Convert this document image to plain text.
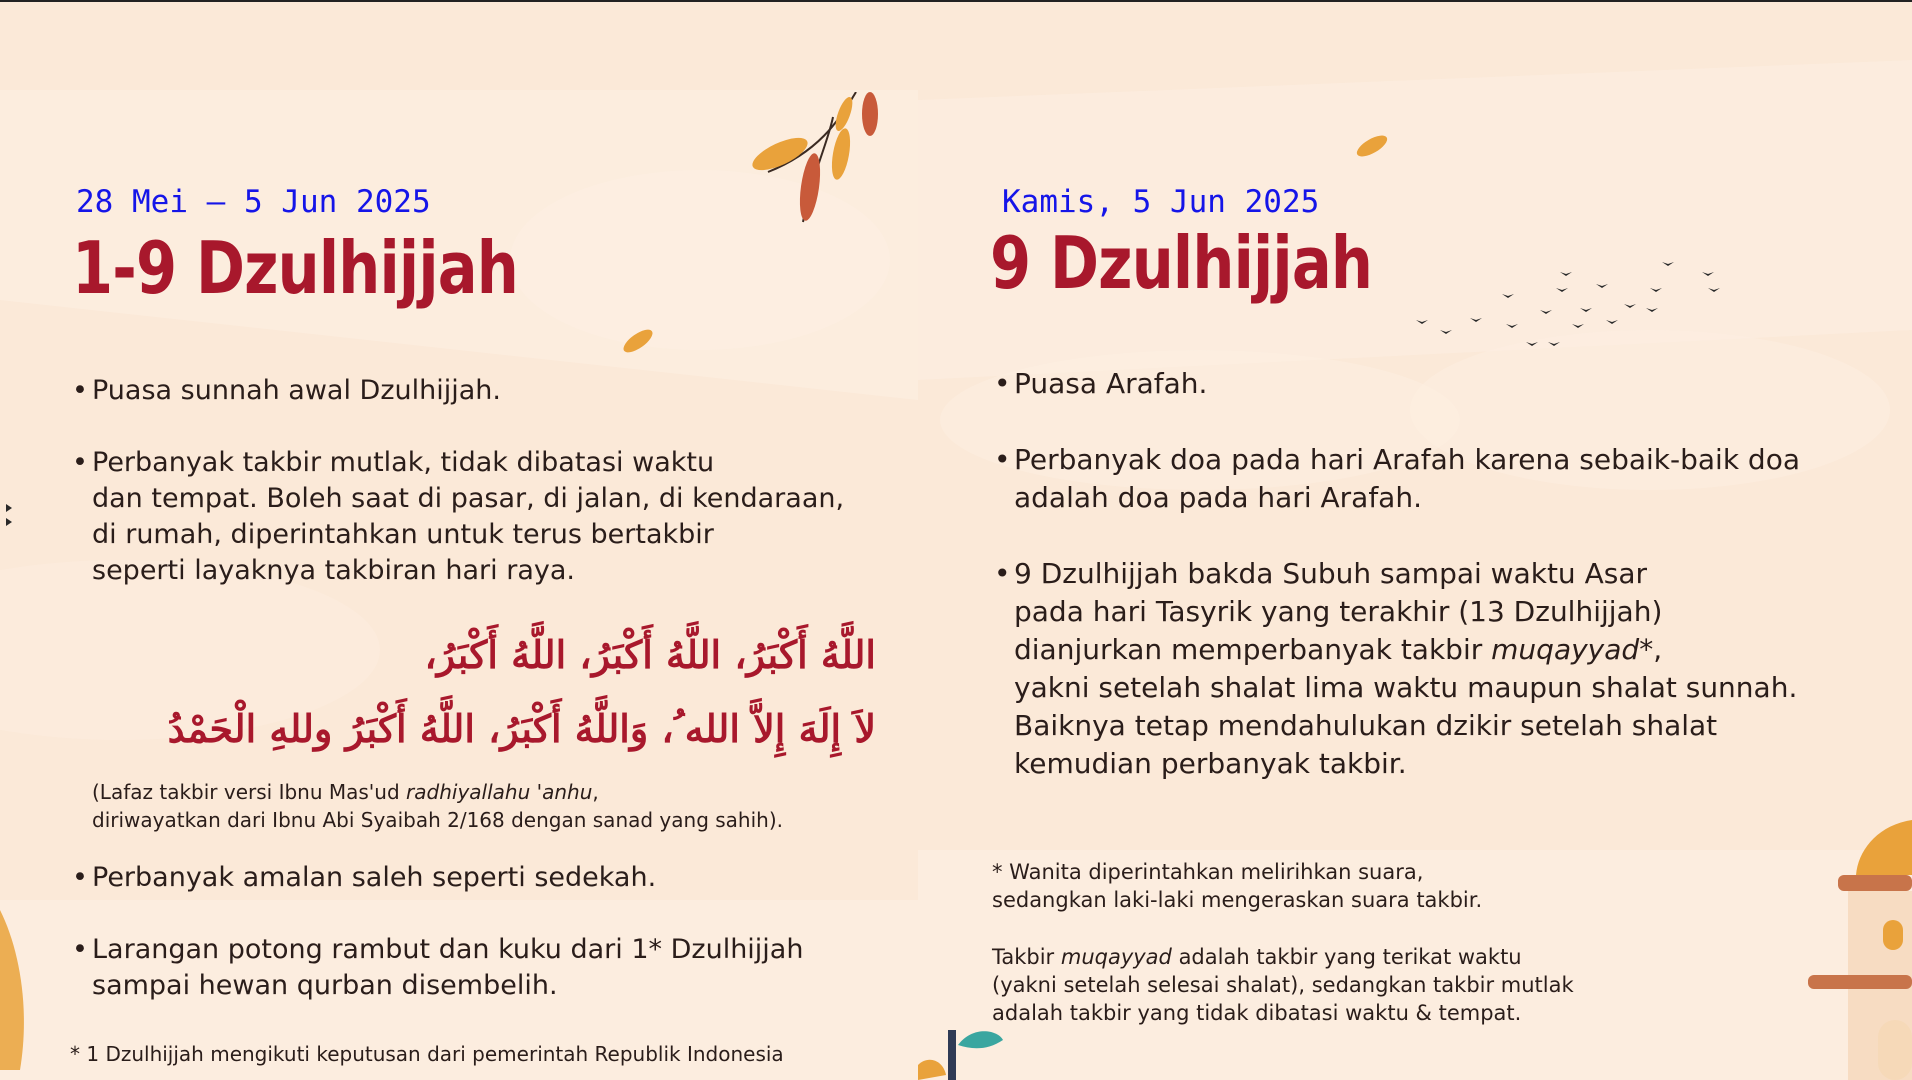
28 Mei – 5 Jun 2025
1-9 Dzulhijjah
• Puasa sunnah awal Dzulhijjah.

• Perbanyak takbir mutlak, tidak dibatasi waktu

dan tempat. Boleh saat di pasar, di jalan, di kendaraan,

di rumah, diperintahkan untuk terus bertakbir

seperti layaknya takbiran hari raya.

اللَّهُ أَكْبَرُ، اللَّهُ أَكْبَرُ، اللَّهُ أَكْبَرُ،
لاَ إِلَهَ إِلاَّ الله ُ، وَاللَّهُ أَكْبَرُ، اللَّهُ أَكْبَرُ وللهِ الْحَمْدُ

(Lafaz takbir versi Ibnu Mas'ud radhiyallahu 'anhu,

diriwayatkan dari Ibnu Abi Syaibah 2/168 dengan sanad yang sahih).

• Perbanyak amalan saleh seperti sedekah.

• Larangan potong rambut dan kuku dari 1* Dzulhijjah

sampai hewan qurban disembelih.

* 1 Dzulhijjah mengikuti keputusan dari pemerintah Republik Indonesia
Kamis, 5 Jun 2025
9 Dzulhijjah
• Puasa Arafah.

• Perbanyak doa pada hari Arafah karena sebaik-baik doa

adalah doa pada hari Arafah.

• 9 Dzulhijjah bakda Subuh sampai waktu Asar

pada hari Tasyrik yang terakhir (13 Dzulhijjah)

dianjurkan memperbanyak takbir muqayyad*,

yakni setelah shalat lima waktu maupun shalat sunnah.

Baiknya tetap mendahulukan dzikir setelah shalat

kemudian perbanyak takbir.

* Wanita diperintahkan melirihkan suara,

sedangkan laki-laki mengeraskan suara takbir.

Takbir muqayyad adalah takbir yang terikat waktu

(yakni setelah selesai shalat), sedangkan takbir mutlak

adalah takbir yang tidak dibatasi waktu & tempat.
